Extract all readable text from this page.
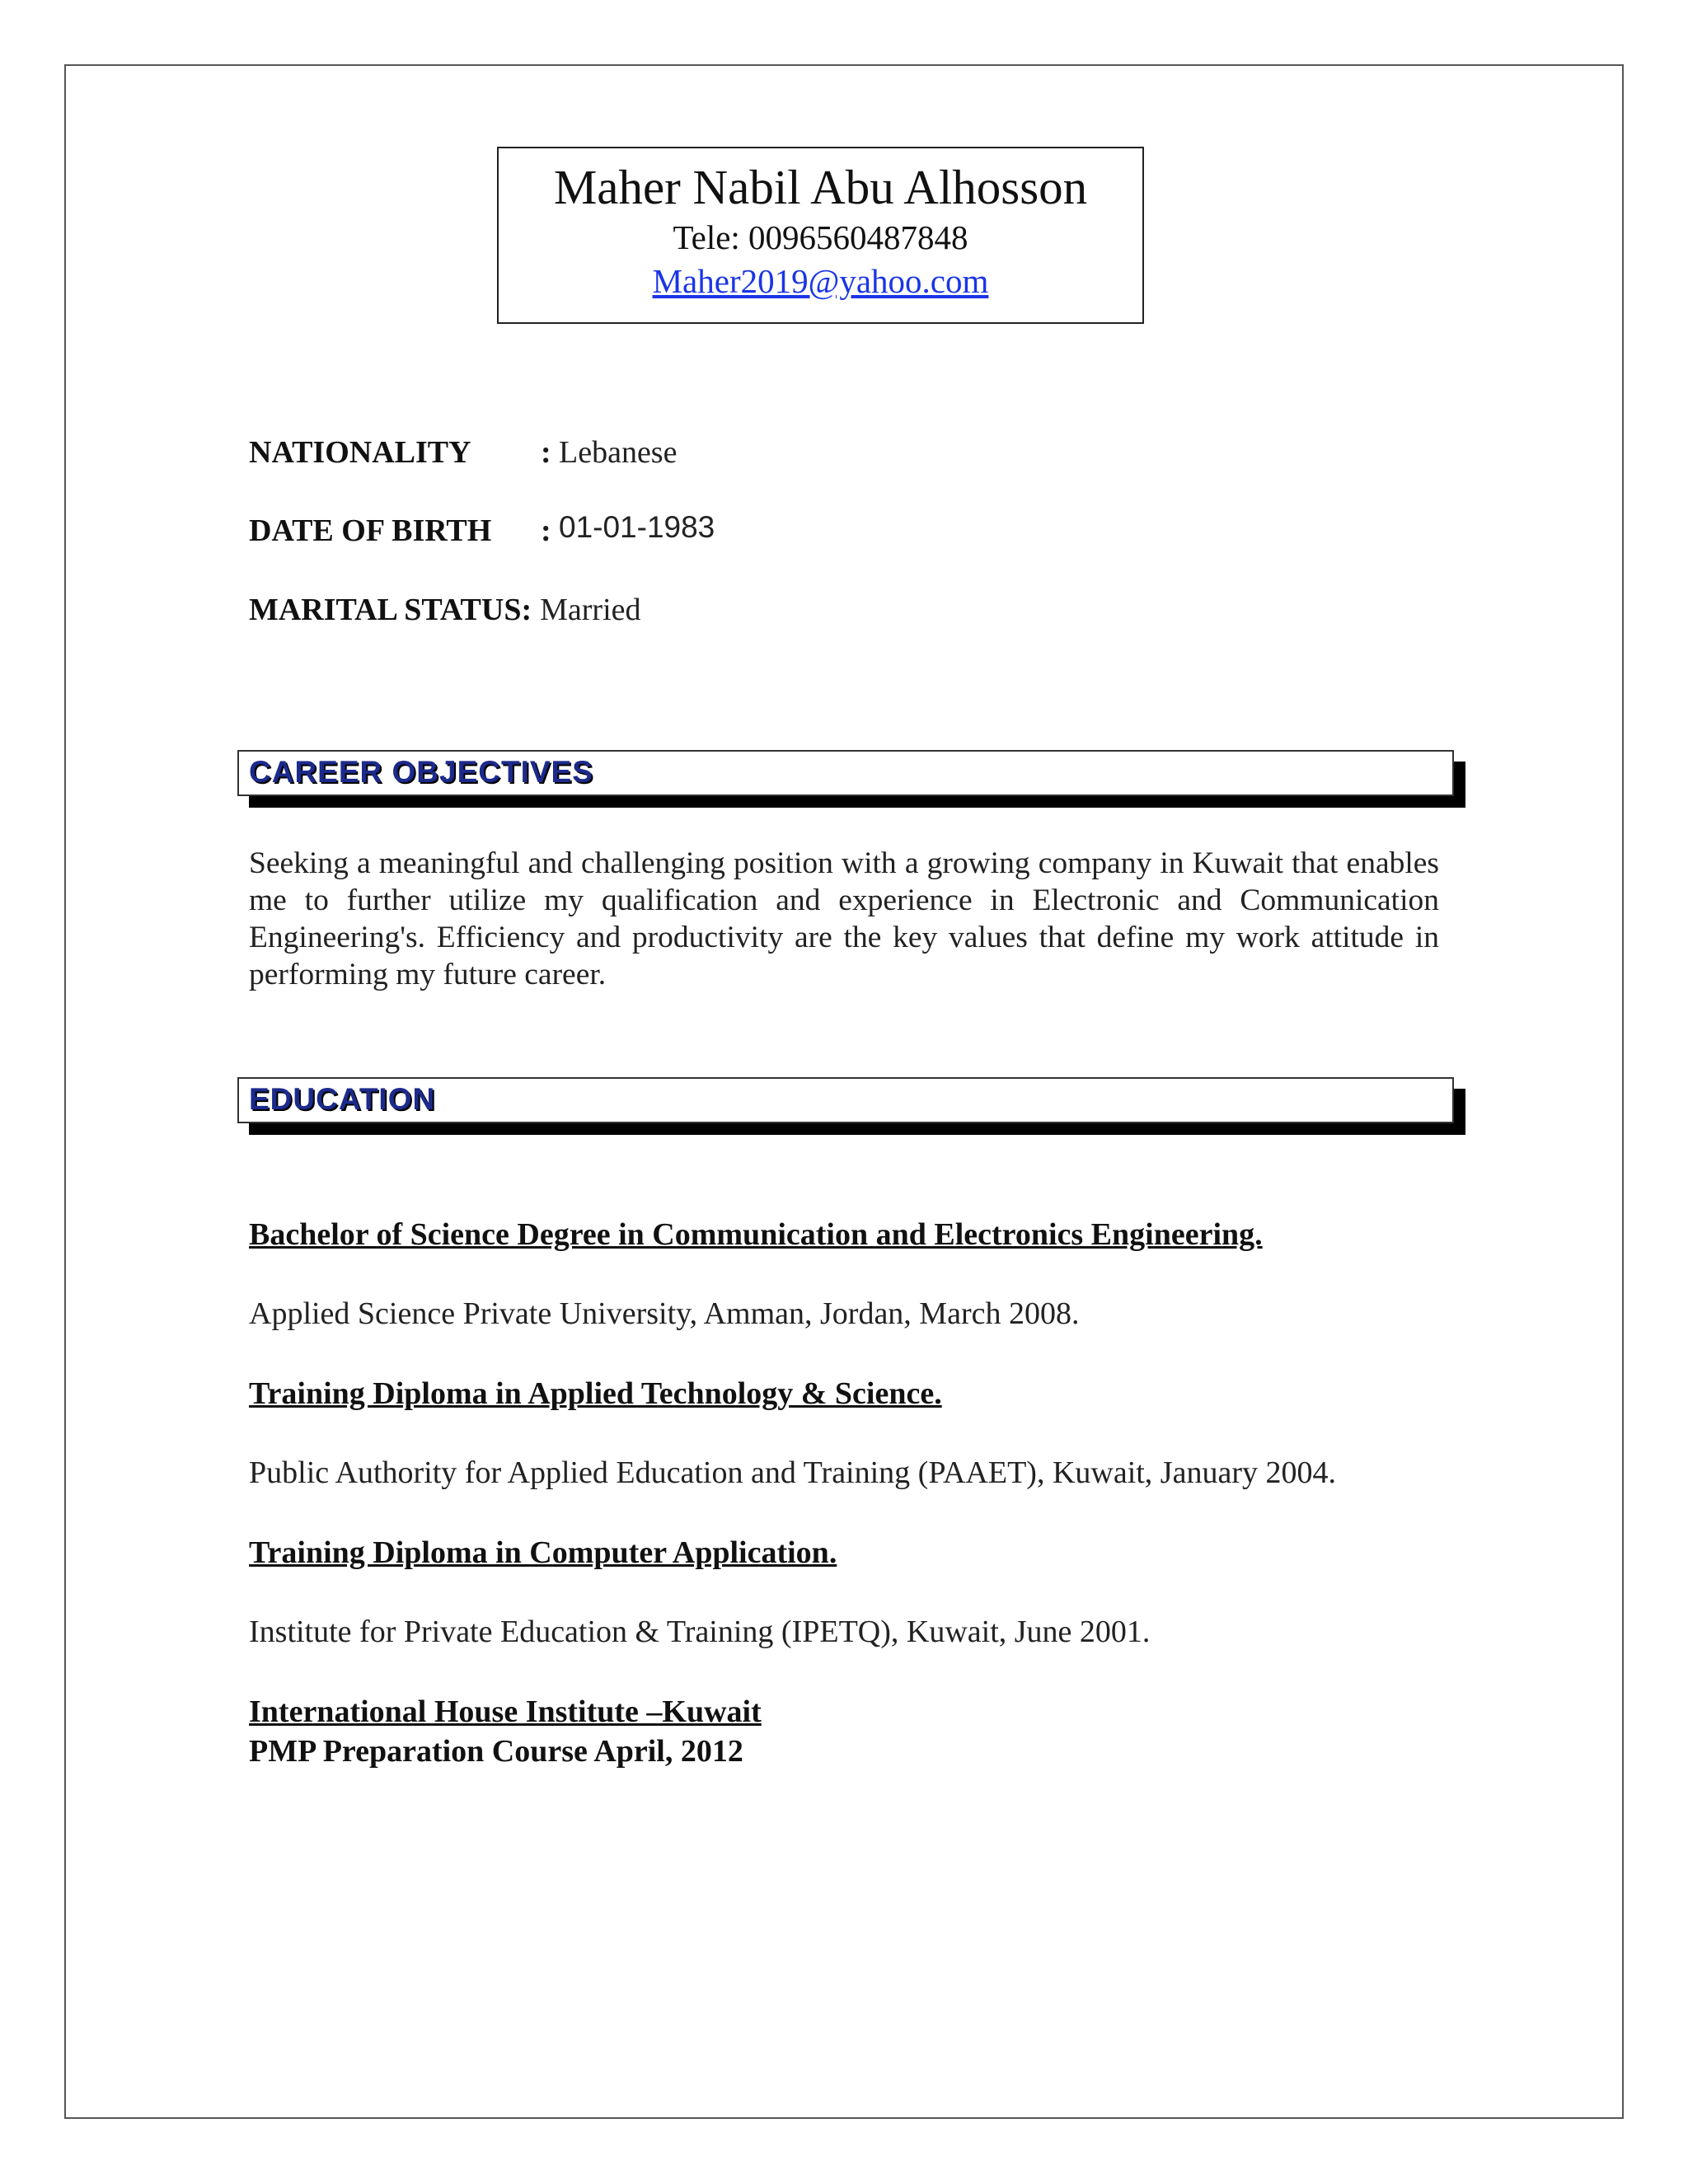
Maher Nabil Abu Alhosson
Tele: 0096560487848
Maher2019@yahoo.com
NATIONALITY : Lebanese
DATE OF BIRTH : 01-01-1983
MARITAL STATUS: Married
CAREER OBJECTIVES
Seeking a meaningful and challenging position with a growing company in Kuwait that enables me to further utilize my qualification and experience in Electronic and Communication Engineering's. Efficiency and productivity are the key values that define my work attitude in performing my future career.
EDUCATION
Bachelor of Science Degree in Communication and Electronics Engineering.
Applied Science Private University, Amman, Jordan, March 2008.
Training Diploma in Applied Technology & Science.
Public Authority for Applied Education and Training (PAAET), Kuwait, January 2004.
Training Diploma in Computer Application.
Institute for Private Education & Training (IPETQ), Kuwait, June 2001.
International House Institute –Kuwait
PMP Preparation Course April, 2012
